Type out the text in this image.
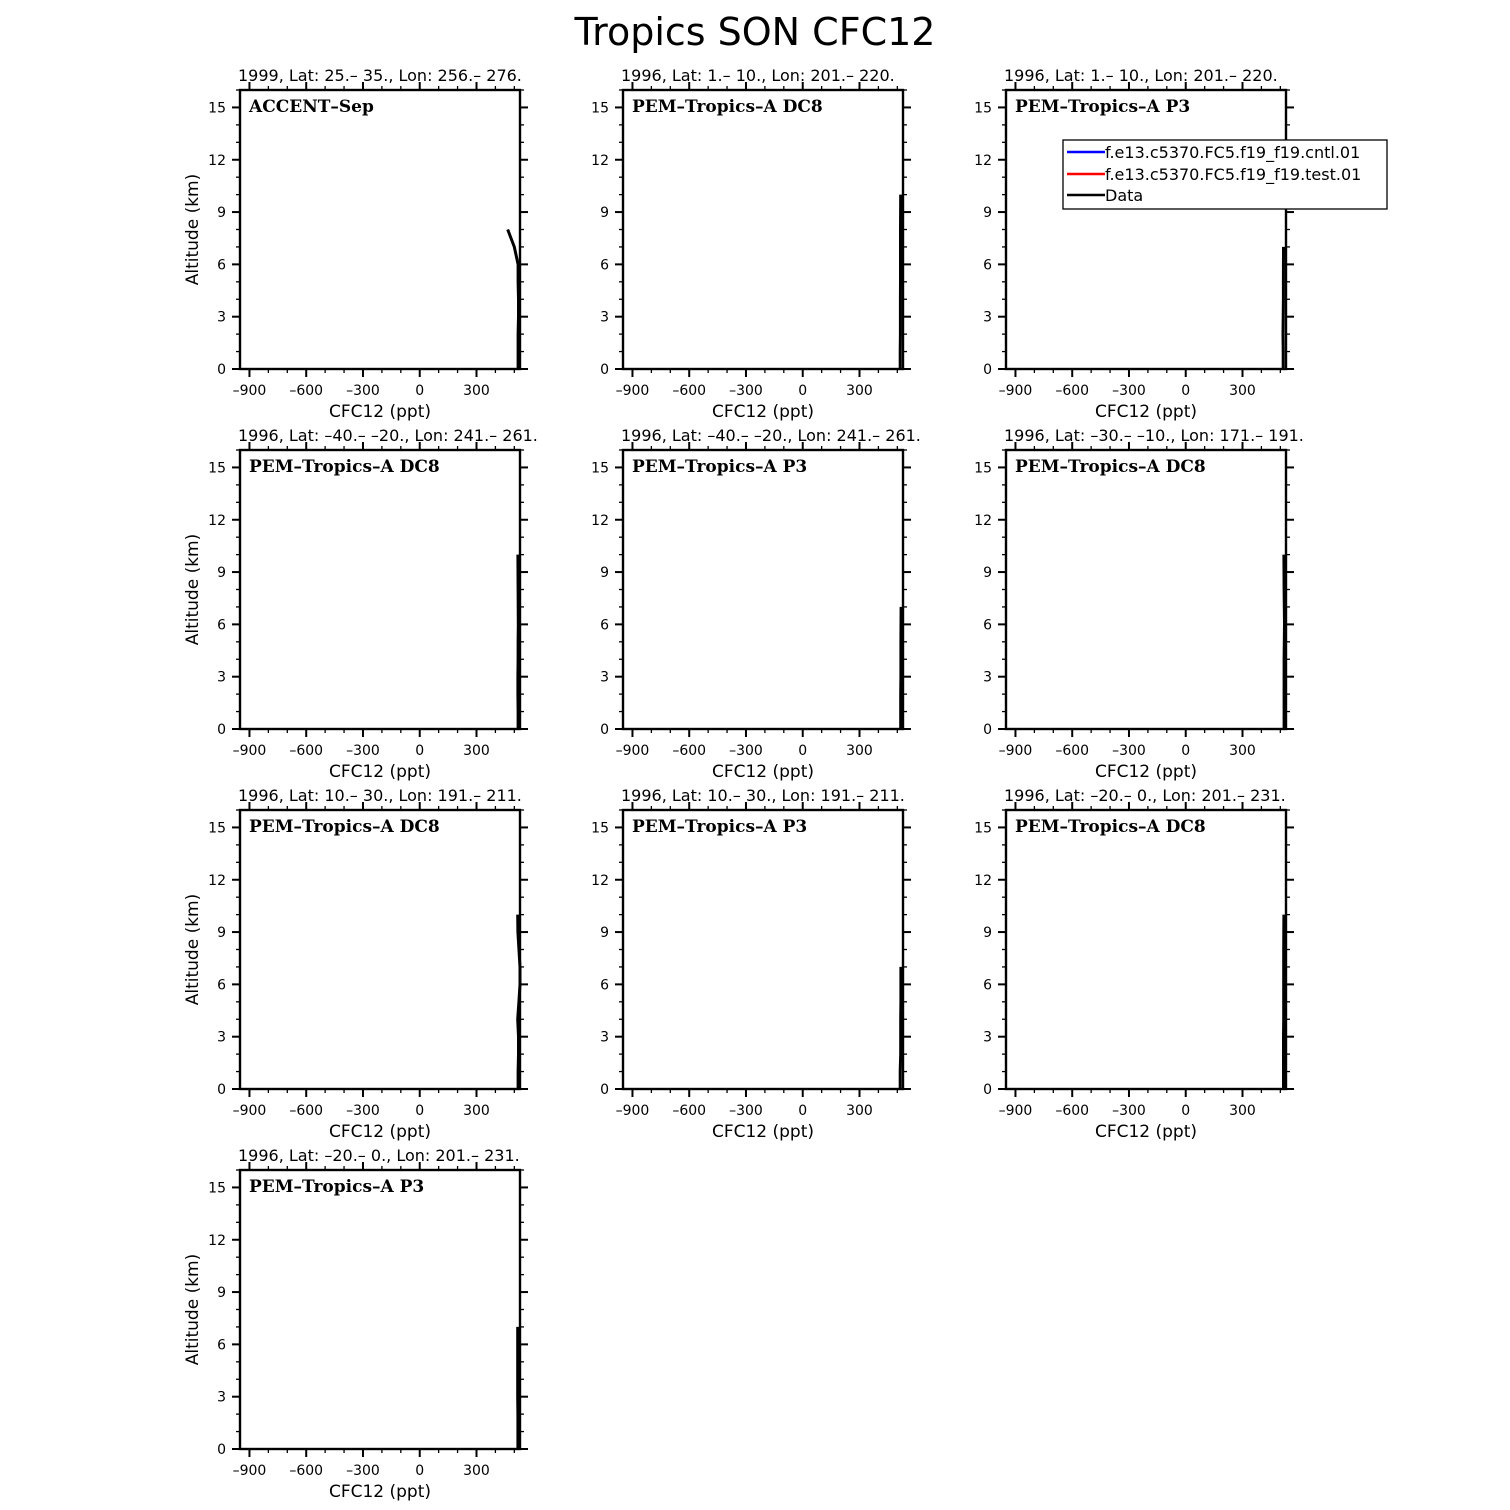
Tropics SON CFC12
–900 –600 –300	0	300
0
3
6
9
12
15
1999, Lat: 25.– 35., Lon: 256.– 276.
ACCENT–Sep
CFC12 (ppt)
Altitude (km)
–900 –600 –300	0	300
0
3
6
9
12
15
1996, Lat: 1.– 10., Lon: 201.– 220.
PEM–Tropics–A DC8
CFC12 (ppt)
–900 –600 –300	0	300
0
3
6
9
12
15
1996, Lat: 1.– 10., Lon: 201.– 220.
PEM–Tropics–A P3
CFC12 (ppt)
–900 –600 –300	0	300
0
3
6
9
12
15
1996, Lat: –40.– –20., Lon: 241.– 261.
PEM–Tropics–A DC8
CFC12 (ppt)
Altitude (km)
–900 –600 –300	0	300
0
3
6
9
12
15
1996, Lat: –40.– –20., Lon: 241.– 261.
PEM–Tropics–A P3
CFC12 (ppt)
–900 –600 –300	0	300
0
3
6
9
12
15
1996, Lat: –30.– –10., Lon: 171.– 191.
PEM–Tropics–A DC8
CFC12 (ppt)
–900 –600 –300	0	300
0
3
6
9
12
15
1996, Lat: 10.– 30., Lon: 191.– 211.
PEM–Tropics–A DC8
CFC12 (ppt)
Altitude (km)
–900 –600 –300	0	300
0
3
6
9
12
15
1996, Lat: 10.– 30., Lon: 191.– 211.
PEM–Tropics–A P3
CFC12 (ppt)
–900 –600 –300	0	300
0
3
6
9
12
15
1996, Lat: –20.– 0., Lon: 201.– 231.
PEM–Tropics–A DC8
CFC12 (ppt)
–900 –600 –300	0	300
0
3
6
9
12
15
1996, Lat: –20.– 0., Lon: 201.– 231.
PEM–Tropics–A P3
CFC12 (ppt)
Altitude (km)
f.e13.c5370.FC5.f19_f19.cntl.01
f.e13.c5370.FC5.f19_f19.test.01
Data
